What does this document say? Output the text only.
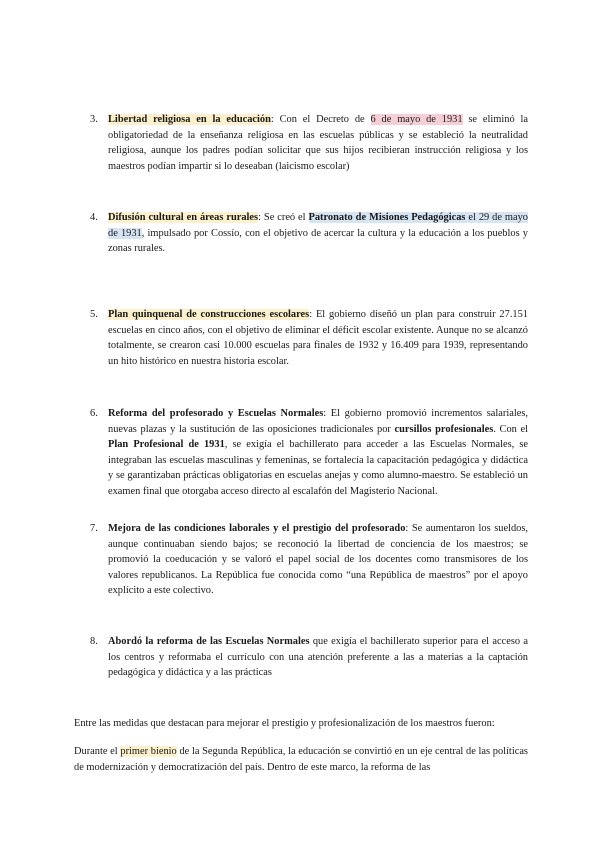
3. Libertad religiosa en la educación: Con el Decreto de 6 de mayo de 1931 se eliminó la obligatoriedad de la enseñanza religiosa en las escuelas públicas y se estableció la neutralidad religiosa, aunque los padres podían solicitar que sus hijos recibieran instrucción religiosa y los maestros podían impartir si lo deseaban (laicismo escolar)
4. Difusión cultural en áreas rurales: Se creó el Patronato de Misiones Pedagógicas el 29 de mayo de 1931, impulsado por Cossío, con el objetivo de acercar la cultura y la educación a los pueblos y zonas rurales.
5. Plan quinquenal de construcciones escolares: El gobierno diseñó un plan para construir 27.151 escuelas en cinco años, con el objetivo de eliminar el déficit escolar existente. Aunque no se alcanzó totalmente, se crearon casi 10.000 escuelas para finales de 1932 y 16.409 para 1939, representando un hito histórico en nuestra historia escolar.
6. Reforma del profesorado y Escuelas Normales: El gobierno promovió incrementos salariales, nuevas plazas y la sustitución de las oposiciones tradicionales por cursillos profesionales. Con el Plan Profesional de 1931, se exigía el bachillerato para acceder a las Escuelas Normales, se integraban las escuelas masculinas y femeninas, se fortalecía la capacitación pedagógica y didáctica y se garantizaban prácticas obligatorias en escuelas anejas y como alumno-maestro. Se estableció un examen final que otorgaba acceso directo al escalafón del Magisterio Nacional.
7. Mejora de las condiciones laborales y el prestigio del profesorado: Se aumentaron los sueldos, aunque continuaban siendo bajos; se reconoció la libertad de conciencia de los maestros; se promovió la coeducación y se valoró el papel social de los docentes como transmisores de los valores republicanos. La República fue conocida como “una República de maestros” por el apoyo explícito a este colectivo.
8. Abordó la reforma de las Escuelas Normales que exigía el bachillerato superior para el acceso a los centros y reformaba el currículo con una atención preferente a las a materias a la captación pedagógica y didáctica y a las prácticas
Entre las medidas que destacan para mejorar el prestigio y profesionalización de los maestros fueron:
Durante el primer bienio de la Segunda República, la educación se convirtió en un eje central de las políticas de modernización y democratización del país. Dentro de este marco, la reforma de las
